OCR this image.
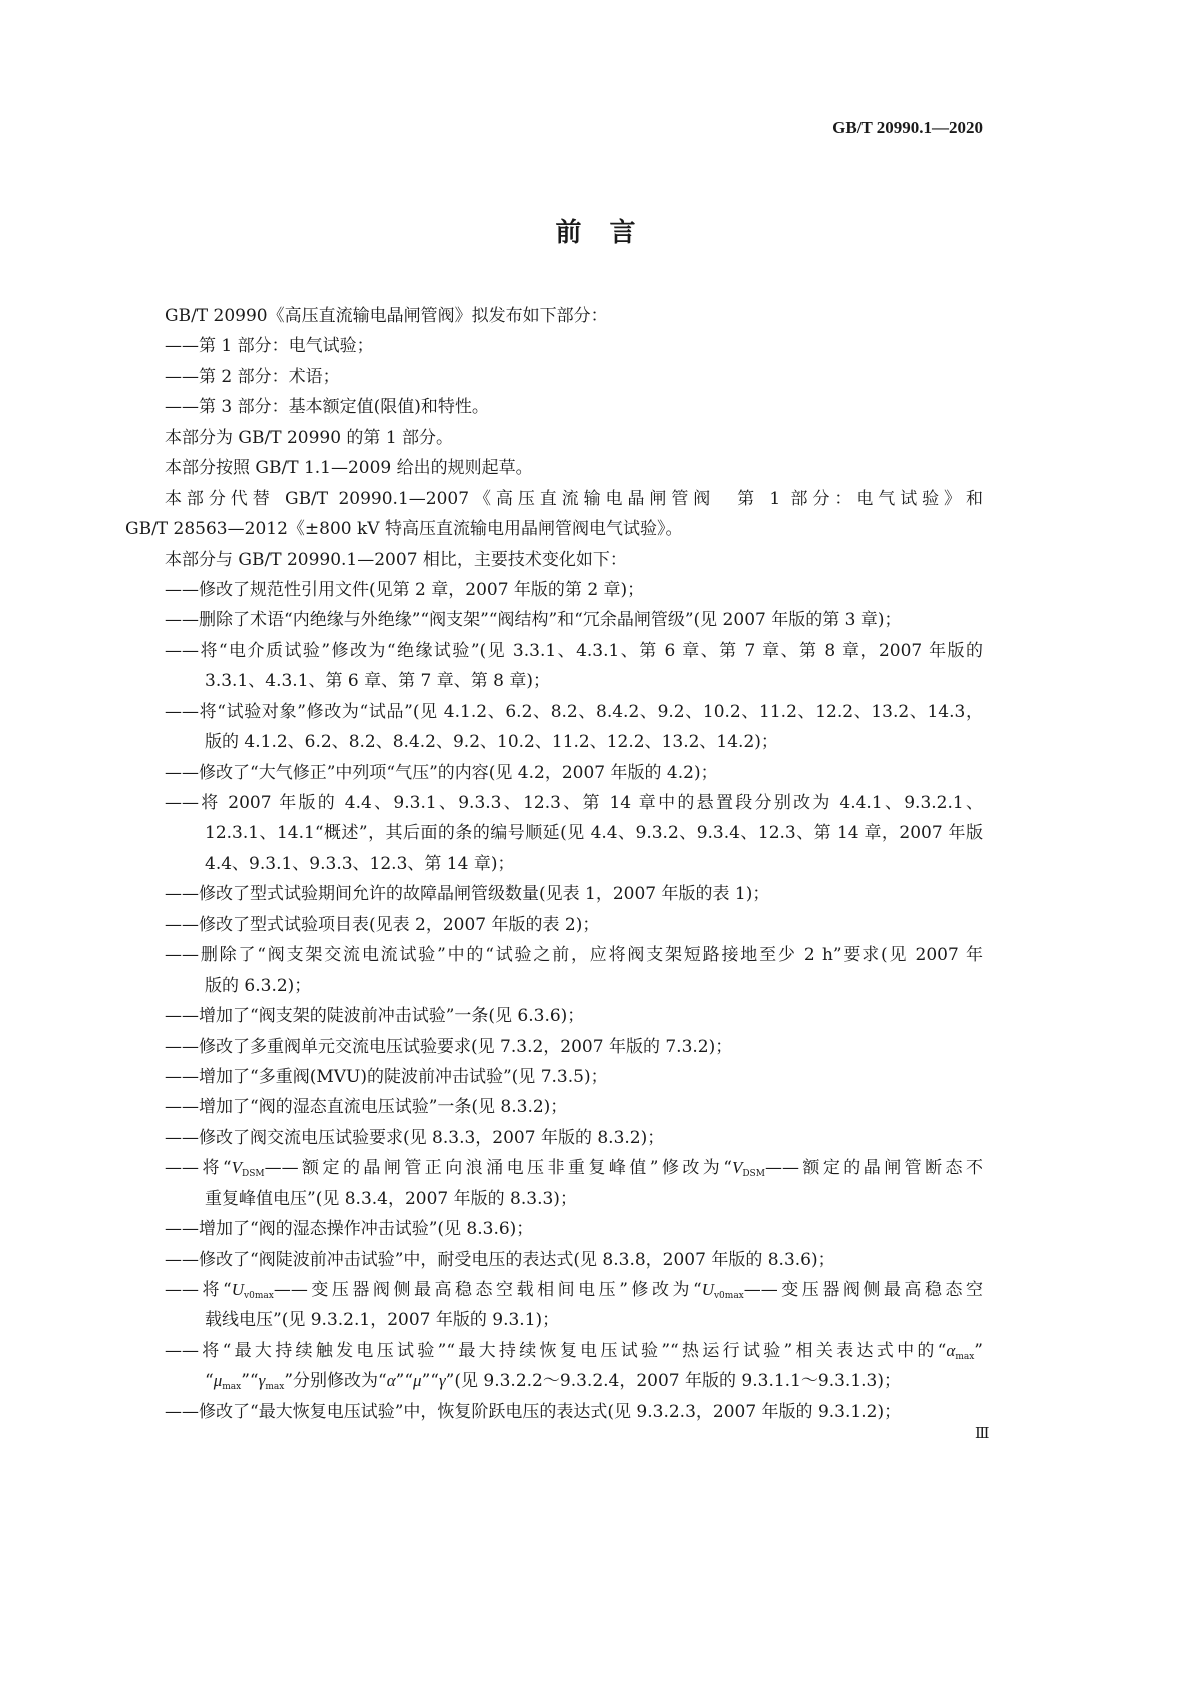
GB/T 20990.1—2020
前言
GB/T 20990《高压直流输电晶闸管阀》拟发布如下部分：
——第 1 部分：电气试验；
——第 2 部分：术语；
——第 3 部分：基本额定值(限值)和特性。
本部分为 GB/T 20990 的第 1 部分。
本部分按照 GB/T 1.1—2009 给出的规则起草。
本部分代替 GB/T 20990.1—2007《高压直流输电晶闸管阀　第 1 部分：电气试验》和
GB/T 28563—2012《±800 kV 特高压直流输电用晶闸管阀电气试验》。
本部分与 GB/T 20990.1—2007 相比，主要技术变化如下：
——修改了规范性引用文件(见第 2 章，2007 年版的第 2 章)；
——删除了术语“内绝缘与外绝缘”“阀支架”“阀结构”和“冗余晶闸管级”(见 2007 年版的第 3 章)；
——将“电介质试验”修改为“绝缘试验”(见 3.3.1、4.3.1、第 6 章、第 7 章、第 8 章，2007 年版的
3.3.1、4.3.1、第 6 章、第 7 章、第 8 章)；
——将“试验对象”修改为“试品”(见 4.1.2、6.2、8.2、8.4.2、9.2、10.2、11.2、12.2、13.2、14.3，
版的 4.1.2、6.2、8.2、8.4.2、9.2、10.2、11.2、12.2、13.2、14.2)；
——修改了“大气修正”中列项“气压”的内容(见 4.2，2007 年版的 4.2)；
——将 2007 年版的 4.4、9.3.1、9.3.3、12.3、第 14 章中的悬置段分别改为 4.4.1、9.3.2.1、
12.3.1、14.1“概述”，其后面的条的编号顺延(见 4.4、9.3.2、9.3.4、12.3、第 14 章，2007 年版
4.4、9.3.1、9.3.3、12.3、第 14 章)；
——修改了型式试验期间允许的故障晶闸管级数量(见表 1，2007 年版的表 1)；
——修改了型式试验项目表(见表 2，2007 年版的表 2)；
——删除了“阀支架交流电流试验”中的“试验之前，应将阀支架短路接地至少 2 h”要求(见 2007 年
版的 6.3.2)；
——增加了“阀支架的陡波前冲击试验”一条(见 6.3.6)；
——修改了多重阀单元交流电压试验要求(见 7.3.2，2007 年版的 7.3.2)；
——增加了“多重阀(MVU)的陡波前冲击试验”(见 7.3.5)；
——增加了“阀的湿态直流电压试验”一条(见 8.3.2)；
——修改了阀交流电压试验要求(见 8.3.3，2007 年版的 8.3.2)；
——将“$V_{DSM}——$额定的晶闸管正向浪涌电压非重复峰值”修改为“$V_{DSM}——$额定的晶闸管断态不
重复峰值电压”(见 8.3.4，2007 年版的 8.3.3)；
——增加了“阀的湿态操作冲击试验”(见 8.3.6)；
——修改了“阀陡波前冲击试验”中，耐受电压的表达式(见 8.3.8，2007 年版的 8.3.6)；
——将“$U_{v0max}——$变压器阀侧最高稳态空载相间电压”修改为“$U_{v0max}——$变压器阀侧最高稳态空
载线电压”(见 9.3.2.1，2007 年版的 9.3.1)；
——将“最大持续触发电压试验”“最大持续恢复电压试验”“热运行试验”相关表达式中的“$\alpha_{max}$”
“$\mu_{max}”“\gamma_{max}$”分别修改为“α”“μ”“γ”(见 9.3.2.2～9.3.2.4，2007 年版的 9.3.1.1～9.3.1.3)；
——修改了“最大恢复电压试验”中，恢复阶跃电压的表达式(见 9.3.2.3，2007 年版的 9.3.1.2)；
Ⅲ
